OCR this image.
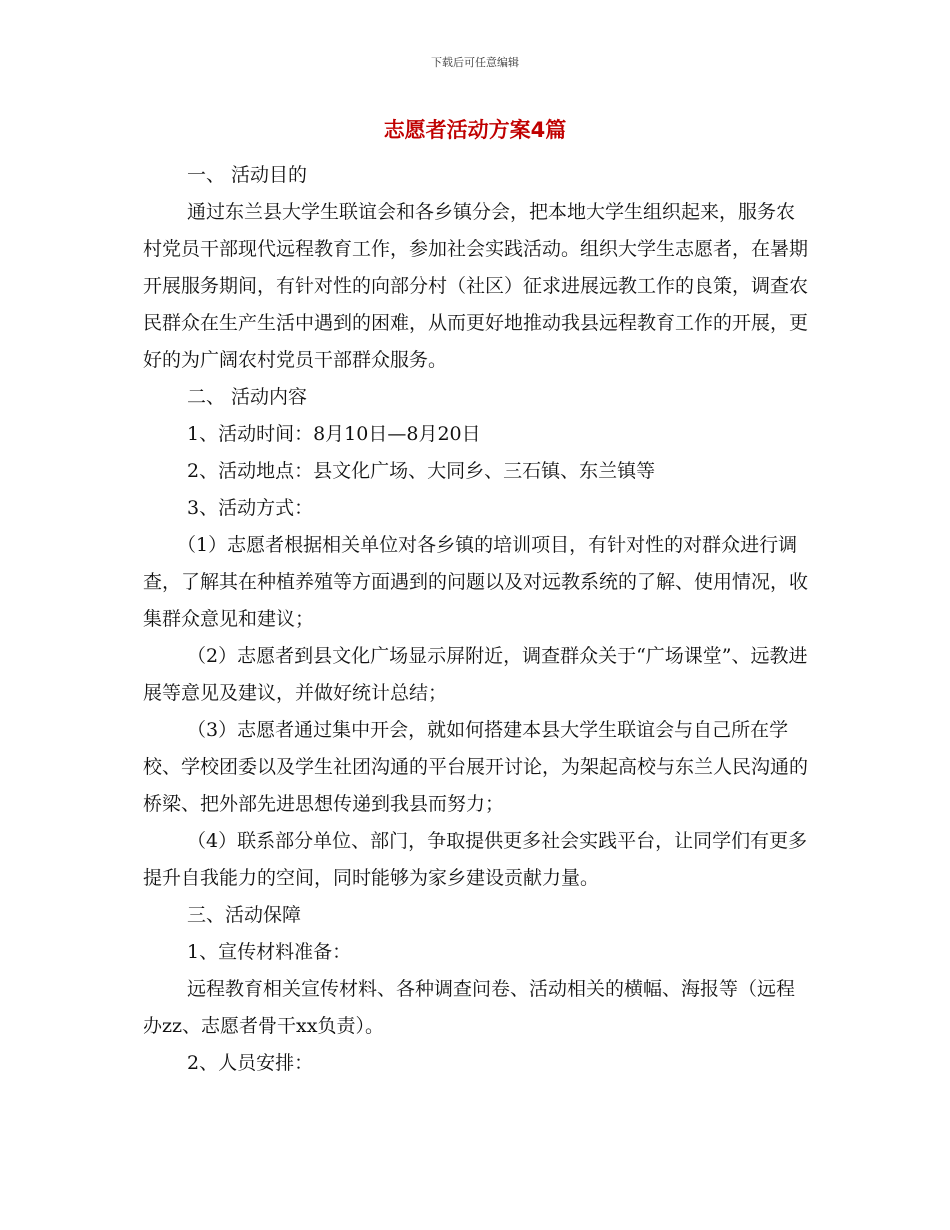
下载后可任意编辑
志愿者活动方案4篇

一、 活动目的

通过东兰县大学生联谊会和各乡镇分会，把本地大学生组织起来，服务农村党员干部现代远程教育工作，参加社会实践活动。组织大学生志愿者，在暑期开展服务期间，有针对性的向部分村（社区）征求进展远教工作的良策，调查农民群众在生产生活中遇到的困难，从而更好地推动我县远程教育工作的开展，更好的为广阔农村党员干部群众服务。

二、 活动内容

1、活动时间：8月10日—8月20日

2、活动地点：县文化广场、大同乡、三石镇、东兰镇等

3、活动方式：

（1）志愿者根据相关单位对各乡镇的培训项目，有针对性的对群众进行调查，了解其在种植养殖等方面遇到的问题以及对远教系统的了解、使用情况，收集群众意见和建议；

（2）志愿者到县文化广场显示屏附近，调查群众关于“广场课堂”、远教进展等意见及建议，并做好统计总结；

（3）志愿者通过集中开会，就如何搭建本县大学生联谊会与自己所在学校、学校团委以及学生社团沟通的平台展开讨论，为架起高校与东兰人民沟通的桥梁、把外部先进思想传递到我县而努力；

（4）联系部分单位、部门，争取提供更多社会实践平台，让同学们有更多提升自我能力的空间，同时能够为家乡建设贡献力量。

三、活动保障

1、宣传材料准备：

远程教育相关宣传材料、各种调查问卷、活动相关的横幅、海报等（远程办zz、志愿者骨干xx负责）。

2、人员安排：
